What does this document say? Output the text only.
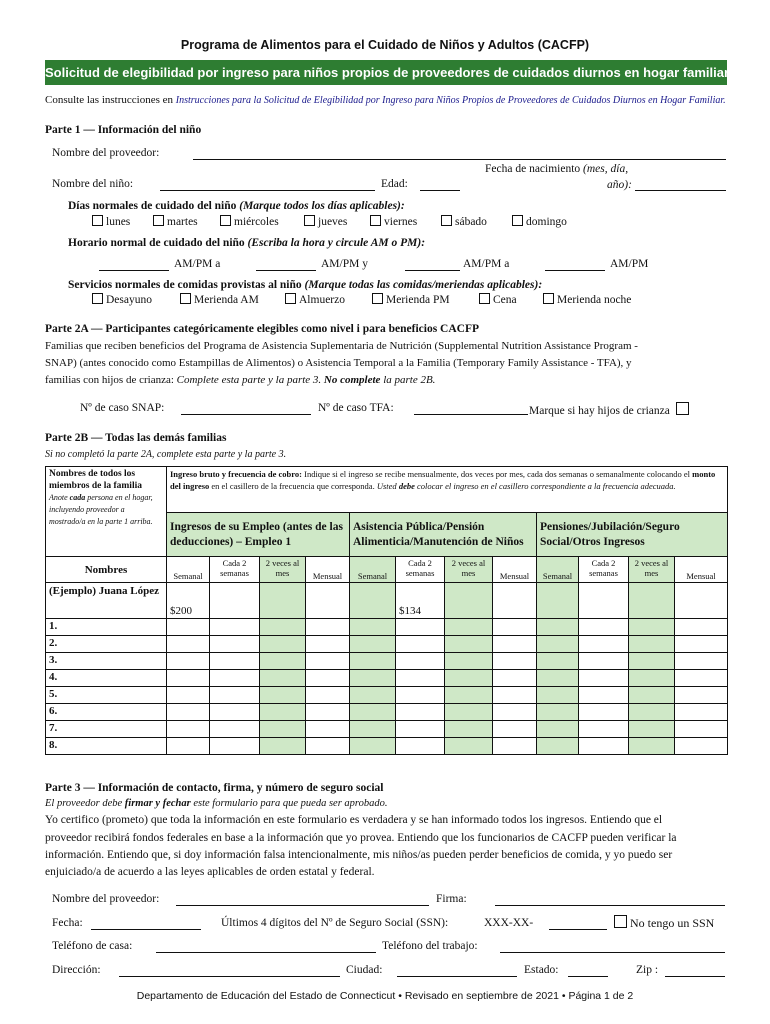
Programa de Alimentos para el Cuidado de Niños y Adultos (CACFP)
Solicitud de elegibilidad por ingreso para niños propios de proveedores de cuidados diurnos en hogar familiar
Consulte las instrucciones en Instrucciones para la Solicitud de Elegibilidad por Ingreso para Niños Propios de Proveedores de Cuidados Diurnos en Hogar Familiar.
Parte 1 — Información del niño
Nombre del proveedor:
Fecha de nacimiento (mes, día,
año):
Nombre del niño:	Edad:
Días normales de cuidado del niño (Marque todos los días aplicables):
lunes	martes	miércoles	jueves	viernes	sábado	domingo
Horario normal de cuidado del niño (Escriba la hora y circule AM o PM):
AM/PM a	AM/PM y	AM/PM a	AM/PM
Servicios normales de comidas provistas al niño (Marque todas las comidas/meriendas aplicables):
Desayuno	Merienda AM	Almuerzo	Merienda PM	Cena	Merienda noche
Parte 2A — Participantes categóricamente elegibles como nivel i para beneficios CACFP
Familias que reciben beneficios del Programa de Asistencia Suplementaria de Nutrición (Supplemental Nutrition Assistance Program -
SNAP) (antes conocido como Estampillas de Alimentos) o Asistencia Temporal a la Familia (Temporary Family Assistance - TFA), y
familias con hijos de crianza: Complete esta parte y la parte 3. No complete la parte 2B.
Nº de caso SNAP:	Nº de caso TFA:	Marque si hay hijos de crianza
Parte 2B — Todas las demás familias
Si no completó la parte 2A, complete esta parte y la parte 3.
Nombres de todos los miembros de la familia
Anote cada persona en el hogar, incluyendo proveedor a mostrado/a en la parte 1 arriba.	Ingreso bruto y frecuencia de cobro: Indique si el ingreso se recibe mensualmente, dos veces por mes, cada dos semanas o semanalmente colocando el monto del ingreso en el casillero de la frecuencia que corresponda. Usted debe colocar el ingreso en el casillero correspondiente a la frecuencia adecuada.											
	Ingresos de su Empleo (antes de las deducciones) – Empleo 1				Asistencia Pública/Pensión Alimenticia/Manutención de Niños				Pensiones/Jubilación/Seguro Social/Otros Ingresos			
Nombres	Semanal	Cada 2 semanas	2 veces al mes	Mensual	Semanal	Cada 2 semanas	2 veces al mes	Mensual	Semanal	Cada 2 semanas	2 veces al mes	Mensual
(Ejemplo) Juana López	$200					$134						
1.												
2.												
3.												
4.												
5.												
6.												
7.												
8.												
Parte 3 — Información de contacto, firma, y número de seguro social
El proveedor debe firmar y fechar este formulario para que pueda ser aprobado.
Yo certifico (prometo) que toda la información en este formulario es verdadera y se han informado todos los ingresos. Entiendo que el
proveedor recibirá fondos federales en base a la información que yo provea. Entiendo que los funcionarios de CACFP pueden verificar la
información. Entiendo que, si doy información falsa intencionalmente, mis niños/as pueden perder beneficios de comida, y yo puedo ser
enjuiciado/a de acuerdo a las leyes aplicables de orden estatal y federal.
Nombre del proveedor:	Firma:
Fecha:	Últimos 4 dígitos del Nº de Seguro Social (SSN):	XXX-XX-	No tengo un SSN
Teléfono de casa:	Teléfono del trabajo:
Dirección:	Ciudad:	Estado:	Zip :
Departamento de Educación del Estado de Connecticut • Revisado en septiembre de 2021 • Página 1 de 2
